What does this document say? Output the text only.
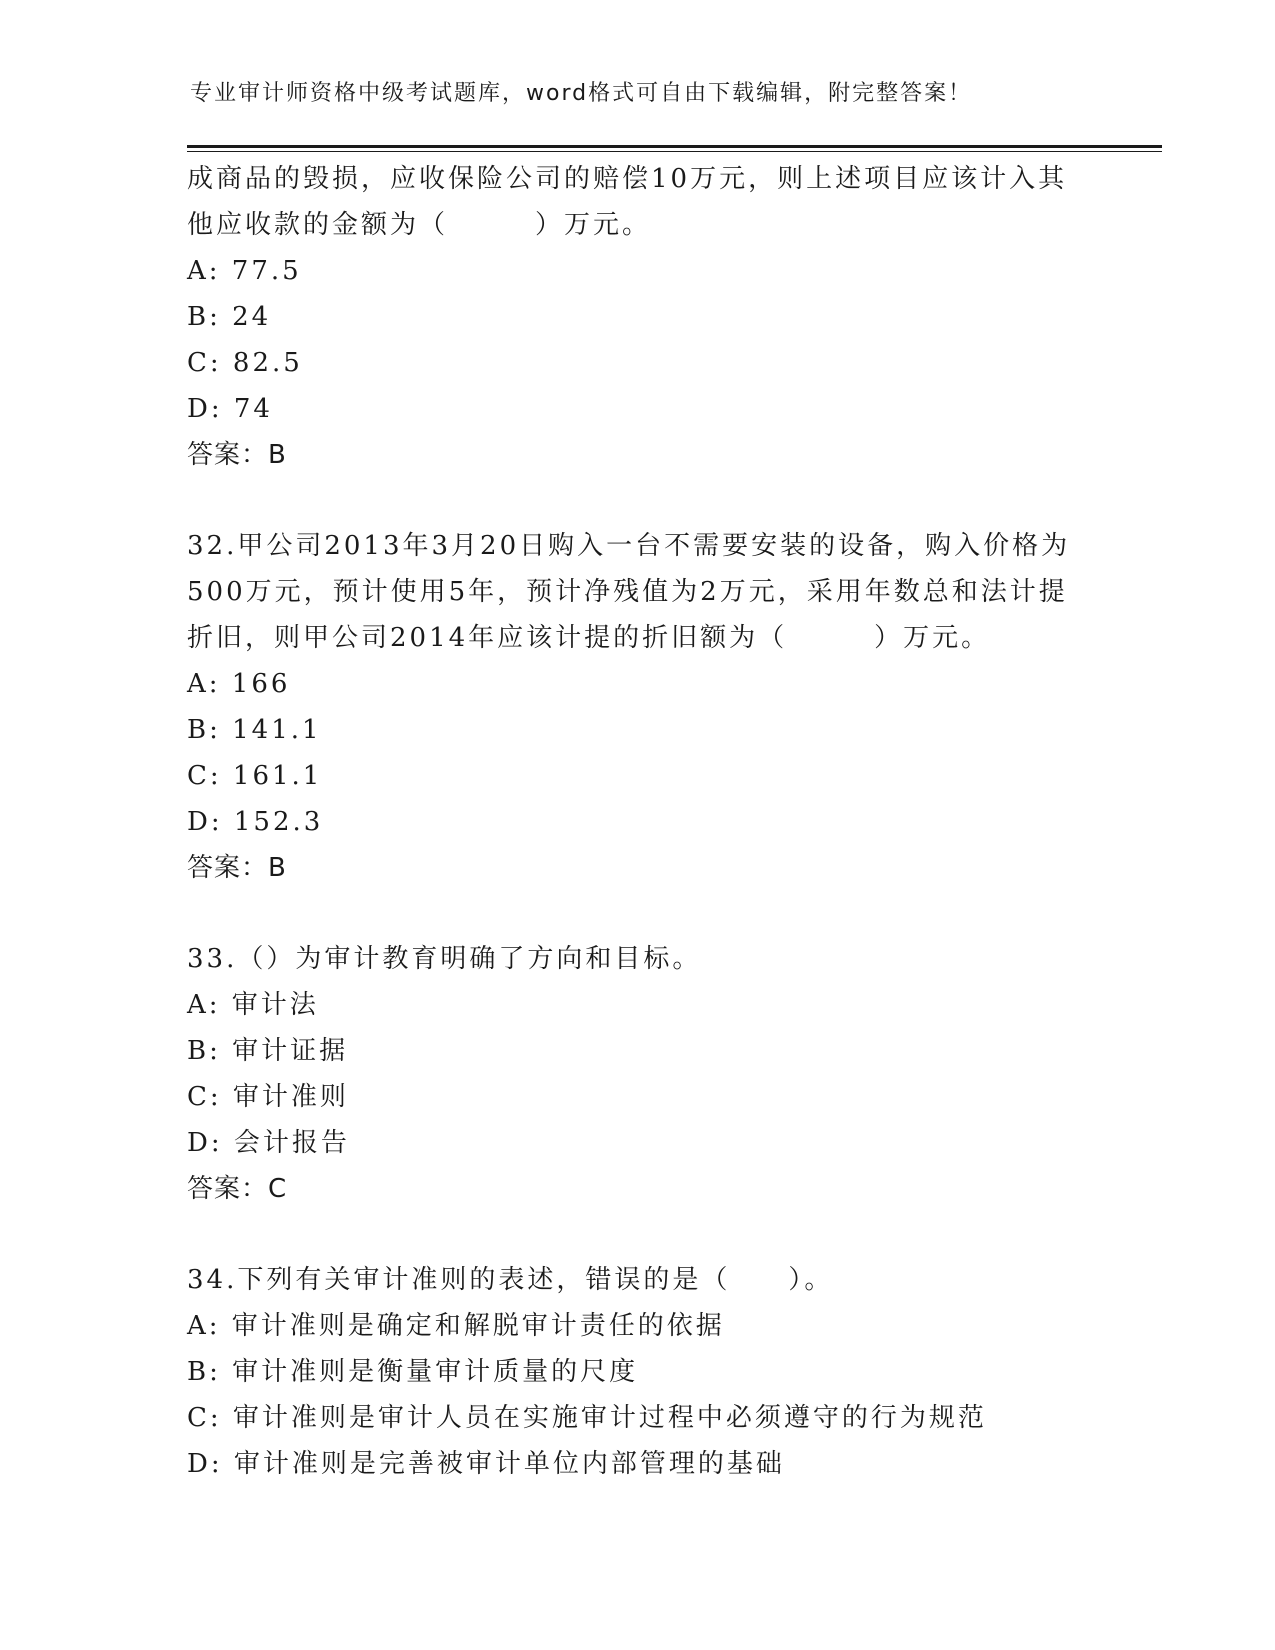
专业审计师资格中级考试题库，word格式可自由下载编辑，附完整答案！
成商品的毁损，应收保险公司的赔偿10万元，则上述项目应该计入其
他应收款的金额为（　　　）万元。
A: 77.5
B: 24
C: 82.5
D: 74
答案：B
32.甲公司2013年3月20日购入一台不需要安装的设备，购入价格为
500万元，预计使用5年，预计净残值为2万元，采用年数总和法计提
折旧，则甲公司2014年应该计提的折旧额为（　　　）万元。
A: 166
B: 141.1
C: 161.1
D: 152.3
答案：B
33.（）为审计教育明确了方向和目标。
A: 审计法
B: 审计证据
C: 审计准则
D: 会计报告
答案：C
34.下列有关审计准则的表述，错误的是（　　）。
A: 审计准则是确定和解脱审计责任的依据
B: 审计准则是衡量审计质量的尺度
C: 审计准则是审计人员在实施审计过程中必须遵守的行为规范
D: 审计准则是完善被审计单位内部管理的基础
